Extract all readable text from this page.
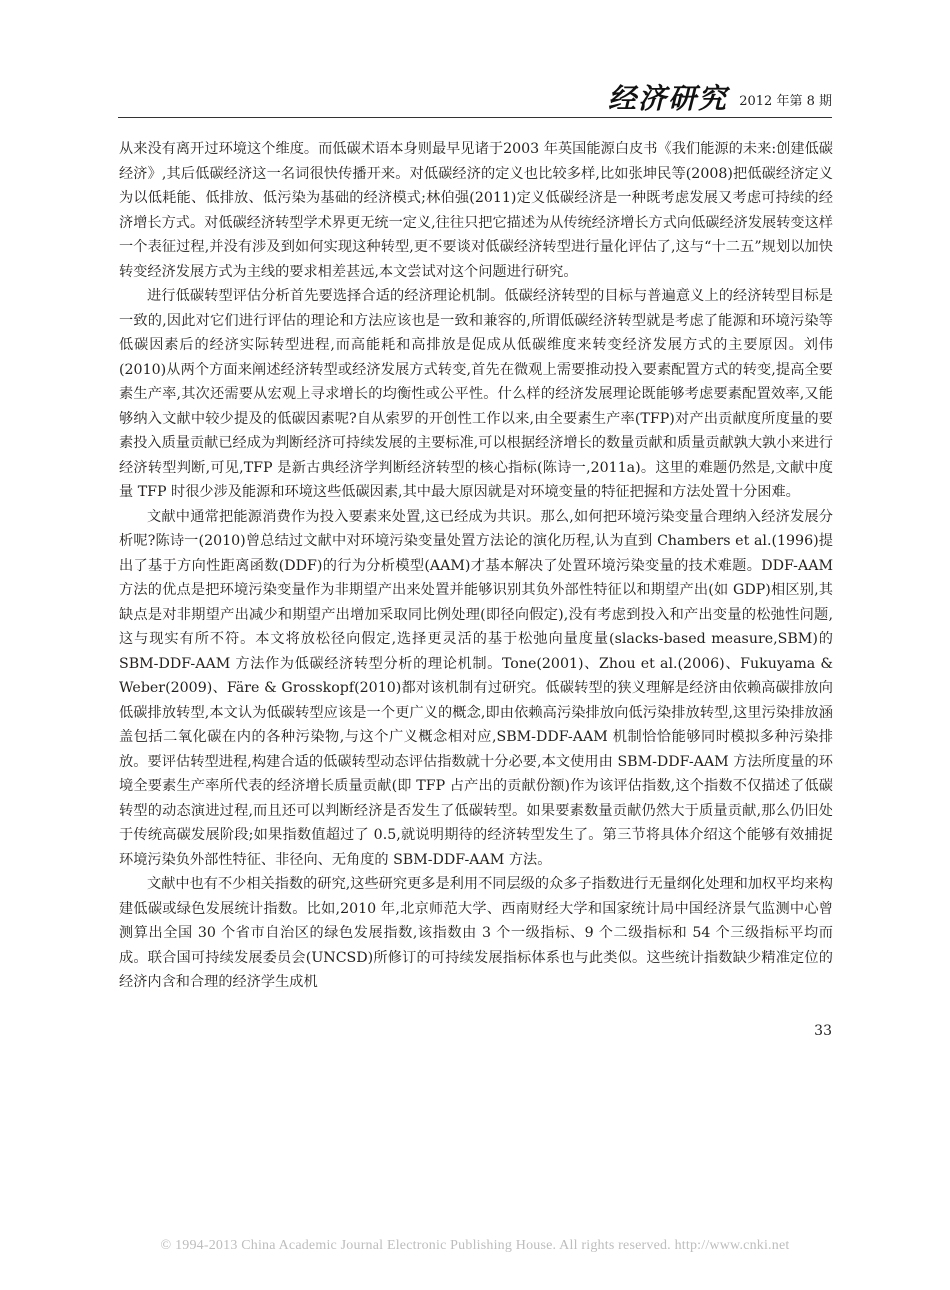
经济研究 2012 年第 8 期

从来没有离开过环境这个维度。而低碳术语本身则最早见诸于2003 年英国能源白皮书《我们能源的未来:创建低碳经济》,其后低碳经济这一名词很快传播开来。对低碳经济的定义也比较多样,比如张坤民等(2008)把低碳经济定义为以低耗能、低排放、低污染为基础的经济模式;林伯强(2011)定义低碳经济是一种既考虑发展又考虑可持续的经济增长方式。对低碳经济转型学术界更无统一定义,往往只把它描述为从传统经济增长方式向低碳经济发展转变这样一个表征过程,并没有涉及到如何实现这种转型,更不要谈对低碳经济转型进行量化评估了,这与“十二五”规划以加快转变经济发展方式为主线的要求相差甚远,本文尝试对这个问题进行研究。

进行低碳转型评估分析首先要选择合适的经济理论机制。低碳经济转型的目标与普遍意义上的经济转型目标是一致的,因此对它们进行评估的理论和方法应该也是一致和兼容的,所谓低碳经济转型就是考虑了能源和环境污染等低碳因素后的经济实际转型进程,而高能耗和高排放是促成从低碳维度来转变经济发展方式的主要原因。刘伟(2010)从两个方面来阐述经济转型或经济发展方式转变,首先在微观上需要推动投入要素配置方式的转变,提高全要素生产率,其次还需要从宏观上寻求增长的均衡性或公平性。什么样的经济发展理论既能够考虑要素配置效率,又能够纳入文献中较少提及的低碳因素呢?自从索罗的开创性工作以来,由全要素生产率(TFP)对产出贡献度所度量的要素投入质量贡献已经成为判断经济可持续发展的主要标准,可以根据经济增长的数量贡献和质量贡献孰大孰小来进行经济转型判断,可见,TFP 是新古典经济学判断经济转型的核心指标(陈诗一,2011a)。这里的难题仍然是,文献中度量 TFP 时很少涉及能源和环境这些低碳因素,其中最大原因就是对环境变量的特征把握和方法处置十分困难。

文献中通常把能源消费作为投入要素来处置,这已经成为共识。那么,如何把环境污染变量合理纳入经济发展分析呢?陈诗一(2010)曾总结过文献中对环境污染变量处置方法论的演化历程,认为直到 Chambers et al.(1996)提出了基于方向性距离函数(DDF)的行为分析模型(AAM)才基本解决了处置环境污染变量的技术难题。DDF-AAM 方法的优点是把环境污染变量作为非期望产出来处置并能够识别其负外部性特征以和期望产出(如 GDP)相区别,其缺点是对非期望产出减少和期望产出增加采取同比例处理(即径向假定),没有考虑到投入和产出变量的松弛性问题,这与现实有所不符。本文将放松径向假定,选择更灵活的基于松弛向量度量(slacks-based measure,SBM)的 SBM-DDF-AAM 方法作为低碳经济转型分析的理论机制。Tone(2001)、Zhou et al.(2006)、Fukuyama & Weber(2009)、Färe & Grosskopf(2010)都对该机制有过研究。低碳转型的狭义理解是经济由依赖高碳排放向低碳排放转型,本文认为低碳转型应该是一个更广义的概念,即由依赖高污染排放向低污染排放转型,这里污染排放涵盖包括二氧化碳在内的各种污染物,与这个广义概念相对应,SBM-DDF-AAM 机制恰恰能够同时模拟多种污染排放。要评估转型进程,构建合适的低碳转型动态评估指数就十分必要,本文使用由 SBM-DDF-AAM 方法所度量的环境全要素生产率所代表的经济增长质量贡献(即 TFP 占产出的贡献份额)作为该评估指数,这个指数不仅描述了低碳转型的动态演进过程,而且还可以判断经济是否发生了低碳转型。如果要素数量贡献仍然大于质量贡献,那么仍旧处于传统高碳发展阶段;如果指数值超过了 0.5,就说明期待的经济转型发生了。第三节将具体介绍这个能够有效捕捉环境污染负外部性特征、非径向、无角度的 SBM-DDF-AAM 方法。

文献中也有不少相关指数的研究,这些研究更多是利用不同层级的众多子指数进行无量纲化处理和加权平均来构建低碳或绿色发展统计指数。比如,2010 年,北京师范大学、西南财经大学和国家统计局中国经济景气监测中心曾测算出全国 30 个省市自治区的绿色发展指数,该指数由 3 个一级指标、9 个二级指标和 54 个三级指标平均而成。联合国可持续发展委员会(UNCSD)所修订的可持续发展指标体系也与此类似。这些统计指数缺少精准定位的经济内含和合理的经济学生成机

33
© 1994-2013 China Academic Journal Electronic Publishing House. All rights reserved. http://www.cnki.net
